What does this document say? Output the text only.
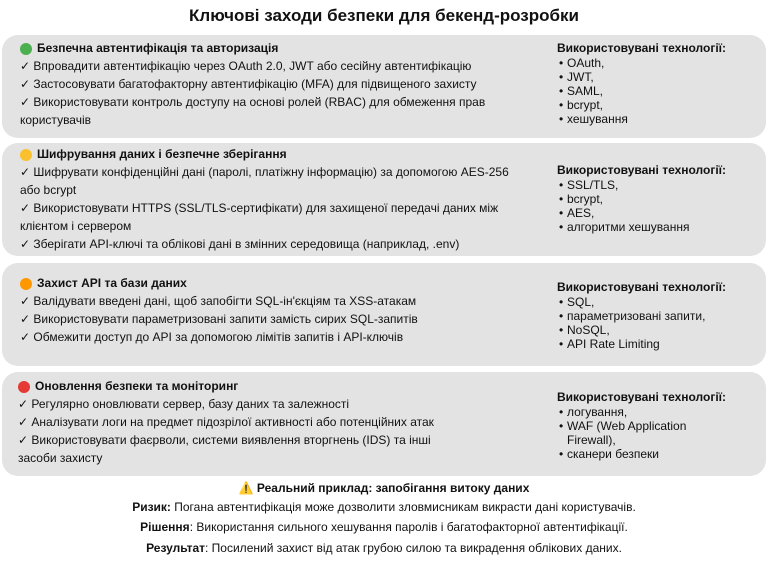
Ключові заходи безпеки для бекенд-розробки
Безпечна автентифікація та авторизація
✓ Впровадити автентифікацію через OAuth 2.0, JWT або сесійну автентифікацію
✓ Застосовувати багатофакторну автентифікацію (MFA) для підвищеного захисту
✓ Використовувати контроль доступу на основі ролей (RBAC) для обмеження прав користувачів
Використовувані технології:
• OAuth,
• JWT,
• SAML,
• bcrypt,
• хешування
Шифрування даних і безпечне зберігання
✓ Шифрувати конфіденційні дані (паролі, платіжну інформацію) за допомогою AES-256 або bcrypt
✓ Використовувати HTTPS (SSL/TLS-сертифікати) для захищеної передачі даних між клієнтом і сервером
✓ Зберігати API-ключі та облікові дані в змінних середовища (наприклад, .env)
Використовувані технології:
• SSL/TLS,
• bcrypt,
• AES,
• алгоритми хешування
Захист API та бази даних
✓ Валідувати введені дані, щоб запобігти SQL-ін'єкціям та XSS-атакам
✓ Використовувати параметризовані запити замість сирих SQL-запитів
✓ Обмежити доступ до API за допомогою лімітів запитів і API-ключів
Використовувані технології:
• SQL,
• параметризовані запити,
• NoSQL,
• API Rate Limiting
Оновлення безпеки та моніторинг
✓ Регулярно оновлювати сервер, базу даних та залежності
✓ Аналізувати логи на предмет підозрілої активності або потенційних атак
✓ Використовувати фаєрволи, системи виявлення вторгнень (IDS) та інші засоби захисту
Використовувані технології:
• логування,
• WAF (Web Application Firewall),
• сканери безпеки
⚠️ Реальний приклад: запобігання витоку даних
Ризик: Погана автентифікація може дозволити зловмисникам викрасти дані користувачів.
Рішення: Використання сильного хешування паролів і багатофакторної автентифікації.
Результат: Посилений захист від атак грубою силою та викрадення облікових даних.
